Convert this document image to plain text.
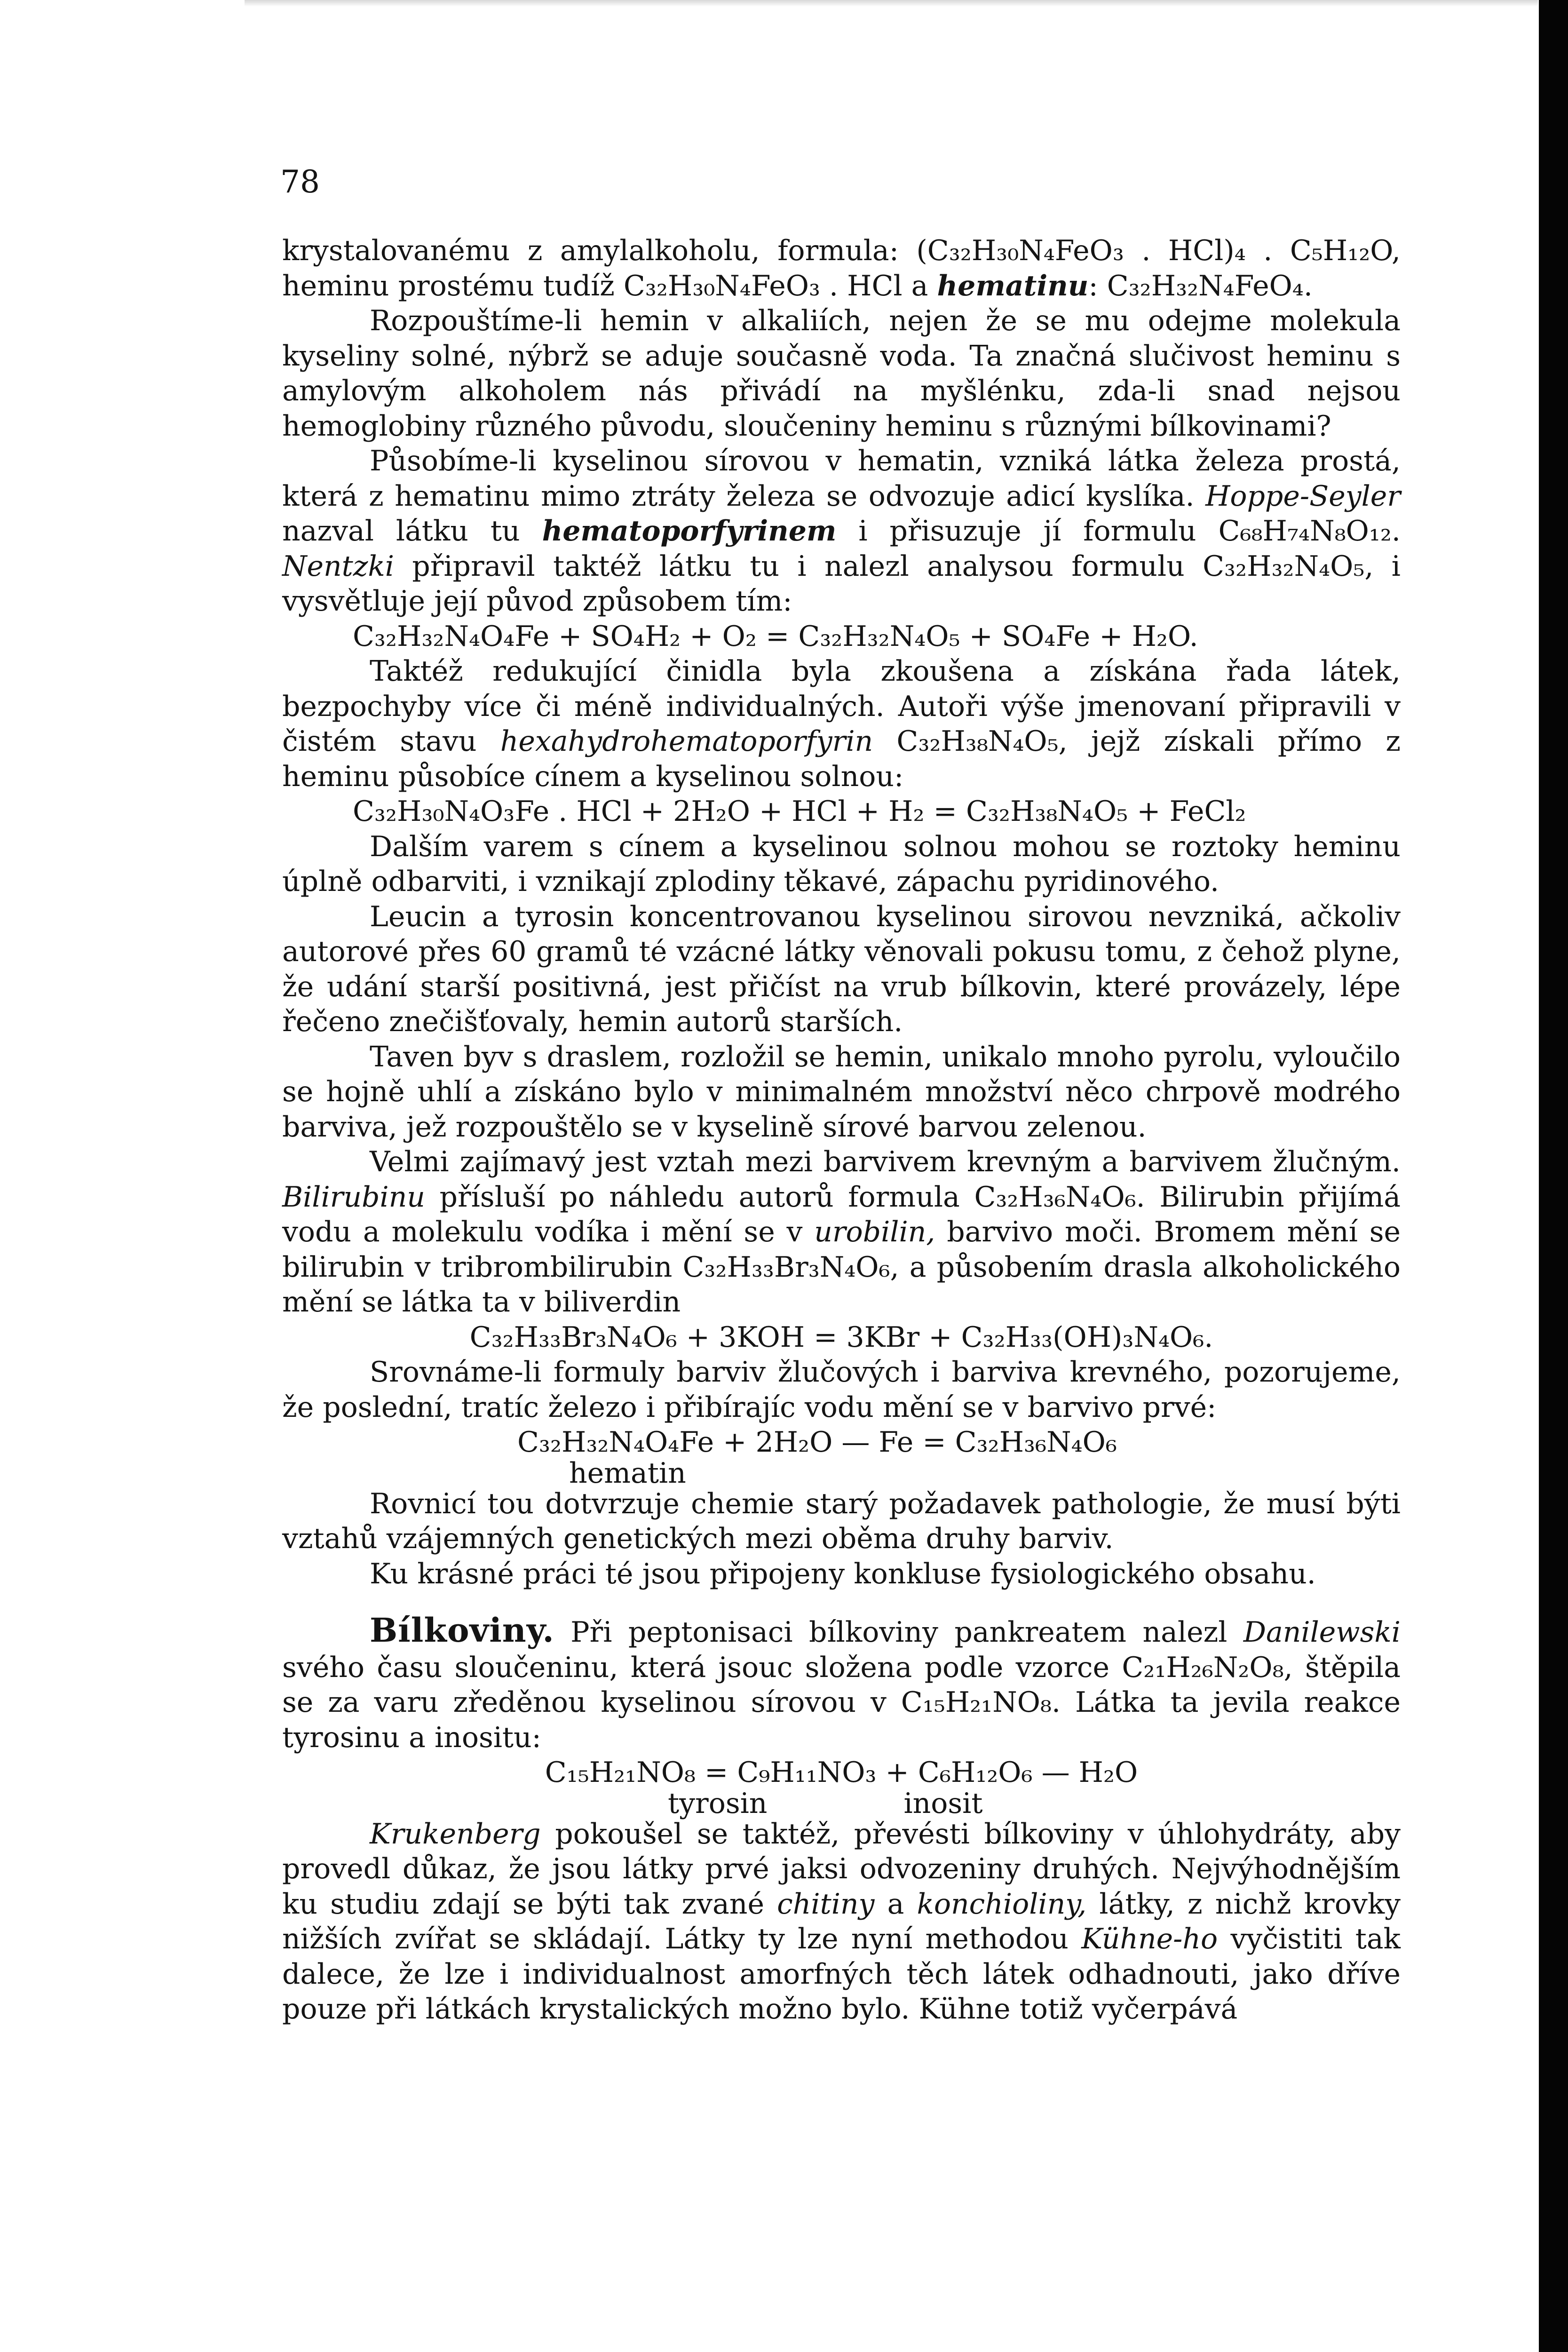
78

krystalovanému z amylalkoholu, formula: (C₃₂H₃₀N₄FeO₃ . HCl)₄ . C₅H₁₂O, heminu prostému tudíž C₃₂H₃₀N₄FeO₃ . HCl a hematinu: C₃₂H₃₂N₄FeO₄.

Rozpouštíme-li hemin v alkaliích, nejen že se mu odejme molekula kyseliny solné, nýbrž se aduje současně voda. Ta značná slučivost heminu s amylovým alkoholem nás přivádí na myšlénku, zda-li snad nejsou hemoglobiny různého původu, sloučeniny heminu s různými bílkovinami?

Působíme-li kyselinou sírovou v hematin, vzniká látka železa prostá, která z hematinu mimo ztráty železa se odvozuje adicí kyslíka. Hoppe-Seyler nazval látku tu hematoporfyrinem i přisuzuje jí formulu C₆₈H₇₄N₈O₁₂. Nentzki připravil taktéž látku tu i nalezl analysou formulu C₃₂H₃₂N₄O₅, i vysvětluje její původ způsobem tím:

C₃₂H₃₂N₄O₄Fe + SO₄H₂ + O₂ = C₃₂H₃₂N₄O₅ + SO₄Fe + H₂O.

Taktéž redukující činidla byla zkoušena a získána řada látek, bezpochyby více či méně individualných. Autoři výše jmenovaní připravili v čistém stavu hexahydrohematoporfyrin C₃₂H₃₈N₄O₅, jejž získali přímo z heminu působíce cínem a kyselinou solnou:

C₃₂H₃₀N₄O₃Fe . HCl + 2H₂O + HCl + H₂ = C₃₂H₃₈N₄O₅ + FeCl₂

Dalším varem s cínem a kyselinou solnou mohou se roztoky heminu úplně odbarviti, i vznikají zplodiny těkavé, zápachu pyridinového.

Leucin a tyrosin koncentrovanou kyselinou sirovou nevzniká, ačkoliv autorové přes 60 gramů té vzácné látky věnovali pokusu tomu, z čehož plyne, že udání starší positivná, jest přičíst na vrub bílkovin, které provázely, lépe řečeno znečišťovaly, hemin autorů starších.

Taven byv s draslem, rozložil se hemin, unikalo mnoho pyrolu, vyloučilo se hojně uhlí a získáno bylo v minimalném množství něco chrpově modrého barviva, jež rozpouštělo se v kyselině sírové barvou zelenou.

Velmi zajímavý jest vztah mezi barvivem krevným a barvivem žlučným. Bilirubinu přísluší po náhledu autorů formula C₃₂H₃₆N₄O₆. Bilirubin přijímá vodu a molekulu vodíka i mění se v urobilin, barvivo moči. Bromem mění se bilirubin v tribrombilirubin C₃₂H₃₃Br₃N₄O₆, a působením drasla alkoholického mění se látka ta v biliverdin

C₃₂H₃₃Br₃N₄O₆ + 3KOH = 3KBr + C₃₂H₃₃(OH)₃N₄O₆.

Srovnáme-li formuly barviv žlučových i barviva krevného, pozorujeme, že poslední, tratíc železo i přibírajíc vodu mění se v barvivo prvé:

C₃₂H₃₂N₄O₄Fe + 2H₂O — Fe = C₃₂H₃₆N₄O₆

hematin

Rovnicí tou dotvrzuje chemie starý požadavek pathologie, že musí býti vztahů vzájemných genetických mezi oběma druhy barviv.

Ku krásné práci té jsou připojeny konkluse fysiologického obsahu.

Bílkoviny. Při peptonisaci bílkoviny pankreatem nalezl Danilewski svého času sloučeninu, která jsouc složena podle vzorce C₂₁H₂₆N₂O₈, štěpila se za varu zředěnou kyselinou sírovou v C₁₅H₂₁NO₈. Látka ta jevila reakce tyrosinu a inositu:

C₁₅H₂₁NO₈ = C₉H₁₁NO₃ + C₆H₁₂O₆ — H₂O

tyrosin	inosit

Krukenberg pokoušel se taktéž, převésti bílkoviny v úhlohydráty, aby provedl důkaz, že jsou látky prvé jaksi odvozeniny druhých. Nejvýhodnějším ku studiu zdají se býti tak zvané chitiny a konchioliny, látky, z nichž krovky nižších zvířat se skládají. Látky ty lze nyní methodou Kühne-ho vyčistiti tak dalece, že lze i individualnost amorfných těch látek odhadnouti, jako dříve pouze při látkách krystalických možno bylo. Kühne totiž vyčerpává
